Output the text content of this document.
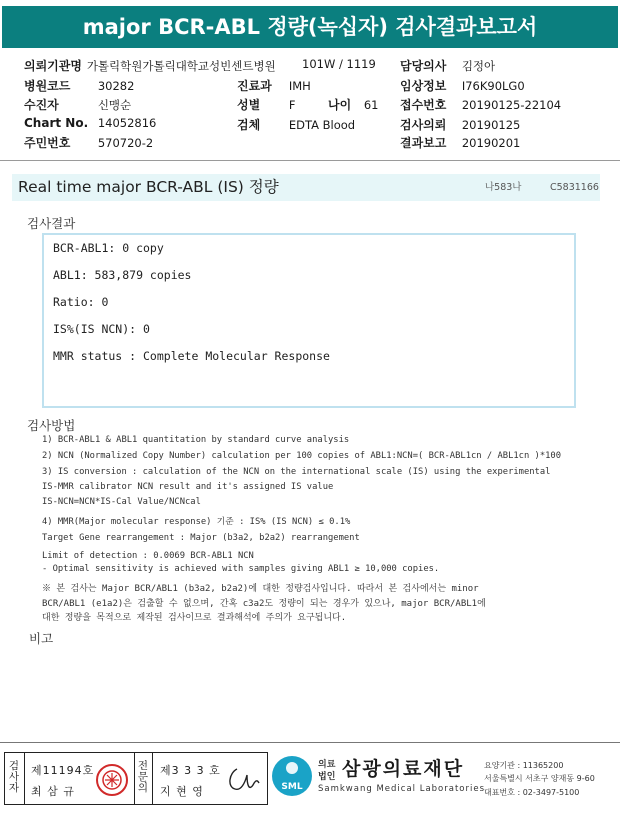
major BCR-ABL 정량(녹십자) 검사결과보고서
의뢰기관명 가톨릭학원가톨릭대학교성빈센트병원 101W / 1119 담당의사 김정아
병원코드 30282	진료과 IMH	임상정보 I76K90LG0
수진자	신맹순	성별 F	나이 61 접수번호 20190125-22104
Chart No. 14052816	검체 EDTA Blood	검사의뢰 20190125
주민번호 570720-2	결과보고 20190201
Real time major BCR-ABL (IS) 정량	나583나	C5831166
검사결과
BCR-ABL1: 0 copy
ABL1: 583,879 copies
Ratio: 0
IS%(IS NCN): 0
MMR status : Complete Molecular Response
검사방법
1) BCR-ABL1 & ABL1 quantitation by standard curve analysis
2) NCN (Normalized Copy Number) calculation per 100 copies of ABL1:NCN=( BCR-ABL1cn / ABL1cn )*100
3) IS conversion : calculation of the NCN on the international scale (IS) using the experimental
IS-MMR calibrator NCN result and it's assigned IS value
IS-NCN=NCN*IS-Cal Value/NCNcal
4) MMR(Major molecular response) 기준 : IS% (IS NCN) ≤ 0.1%
Target Gene rearrangement : Major (b3a2, b2a2) rearrangement
Limit of detection : 0.0069 BCR-ABL1 NCN
- Optimal sensitivity is achieved with samples giving ABL1 ≥ 10,000 copies.
※ 본 검사는 Major BCR/ABL1 (b3a2, b2a2)에 대한 정량검사입니다. 따라서 본 검사에서는 minor
BCR/ABL1 (e1a2)은 검출할 수 없으며, 간혹 c3a2도 정량이 되는 경우가 있으나, major BCR/ABL1에
대한 정량을 목적으로 제작된 검사이므로 결과해석에 주의가 요구됩니다.
비고
검사자
제11194호
최 삼 규
전문의
제3 3 3 호
지 현 영	SML
의료
법인 삼광의료재단
Samkwang Medical Laboratories
요양기관 : 11365200
서울특별시 서초구 양재동 9-60
대표번호 : 02-3497-5100
